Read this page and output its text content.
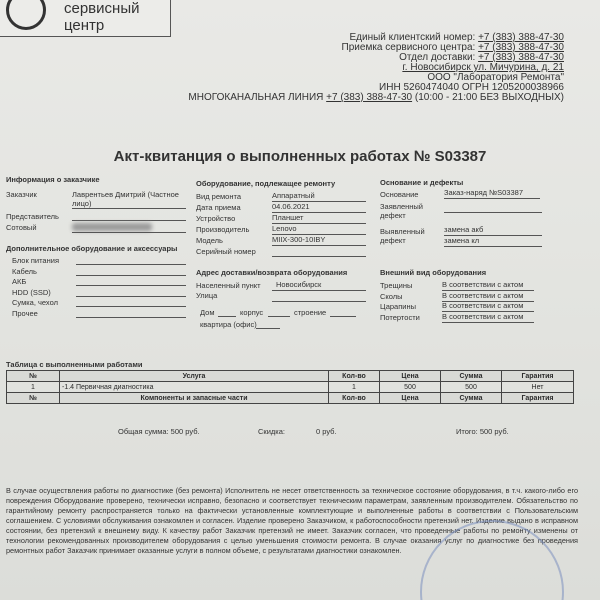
сервисный центр
Единый клиентский номер: +7 (383) 388-47-30
Приемка сервисного центра: +7 (383) 388-47-30
Отдел доставки: +7 (383) 388-47-30
г. Новосибирск ул. Мичурина, д. 21
ООО "Лаборатория Ремонта"
ИНН 5260474040 ОГРН 1205200038966
МНОГОКАНАЛЬНАЯ ЛИНИЯ +7 (383) 388-47-30 (10:00 - 21:00 БЕЗ ВЫХОДНЫХ)
Акт-квитанция о выполненных работах № S03387
Информация о заказчике
Заказчик	Лаврентьев Дмитрий (Частное
лицо)
Представитель
Сотовый
Дополнительное оборудование и аксессуары
Блок питания
Кабель
АКБ
HDD (SSD)
Сумка, чехол
Прочее
Оборудование, подлежащее ремонту
Вид ремонта	Аппаратный
Дата приема	04.06.2021
Устройство	Планшет
Производитель	Lenovo
Модель	MIIX-300-10IBY
Серийный номер
Адрес доставки/возврата оборудования
Населенный пункт	Новосибирск
Улица
Дом	корпус	строение
квартира (офис)
Основание и дефекты
Основание	Заказ-наряд №S03387
Заявленный
дефект
Выявленный
дефект
замена акб
замена кл
Внешний вид оборудования
Трещины	В соответствии с актом
Сколы	В соответствии с актом
Царапины	В соответствии с актом
Потертости	В соответствии с актом
Таблица с выполненными работами
№	Услуга	Кол-во	Цена	Сумма	Гарантия
1	-1.4 Первичная диагностика	1	500	500	Нет
№	Компоненты и запасные части	Кол-во	Цена	Сумма	Гарантия
Общая сумма: 500 руб.	Скидка:	0 руб.	Итого: 500 руб.
В случае осуществления работы по диагностике (без ремонта) Исполнитель не несет ответственность за техническое состояние оборудования, в т.ч. какого-либо его повреждения Оборудование проверено, технически исправно, безопасно и соответствует техническим параметрам, заявленным производителем. Обязательство по гарантийному ремонту распространяется только на фактически установленные комплектующие и выполненные работы в соответствии с Пользовательским соглашением. С условиями обслуживания ознакомлен и согласен. Изделие проверено Заказчиком, к работоспособности претензий нет. Изделие выдано в исправном состоянии, без претензий к внешнему виду. К качеству работ Заказчик претензий не имеет. Заказчик согласен, что проведенные работы по ремонту изменены от технологии рекомендованных производителем оборудования с целью уменьшения стоимости ремонта. В случае оказания услуг по диагностике без проведения ремонтных работ Заказчик принимает оказанные услуги в полном объеме, с результатами диагностики ознакомлен.
